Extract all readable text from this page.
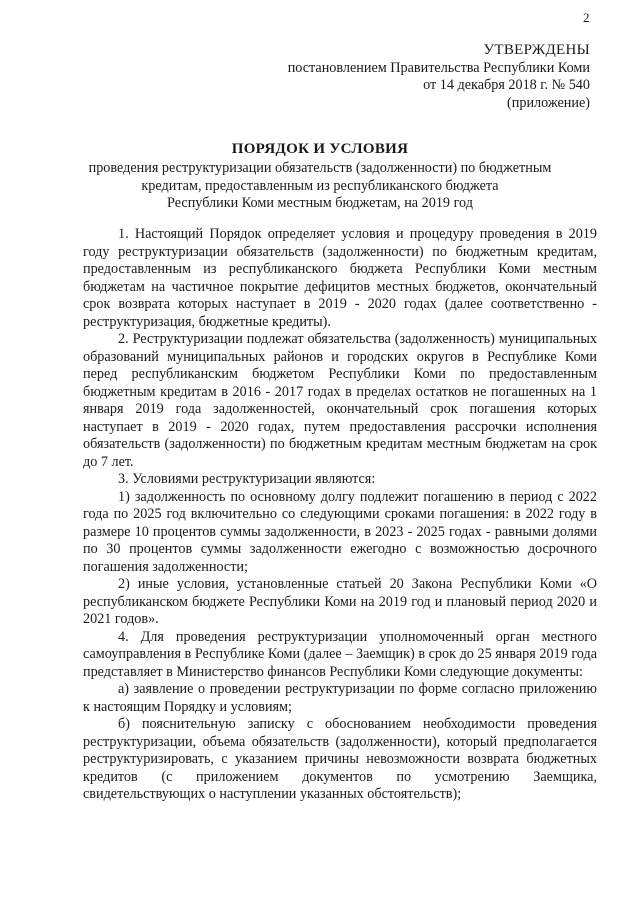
2
УТВЕРЖДЕНЫ
постановлением Правительства Республики Коми
от 14 декабря 2018 г. № 540
(приложение)
ПОРЯДОК И УСЛОВИЯ
проведения реструктуризации обязательств (задолженности) по бюджетным
кредитам, предоставленным из республиканского бюджета
Республики Коми местным бюджетам, на 2019 год

1. Настоящий Порядок определяет условия и процедуру проведения в 2019 году реструктуризации обязательств (задолженности) по бюджетным кредитам, предоставленным из республиканского бюджета Республики Коми местным бюджетам на частичное покрытие дефицитов местных бюджетов, окончательный срок возврата которых наступает в 2019 - 2020 годах (далее соответственно - реструктуризация, бюджетные кредиты).

2. Реструктуризации подлежат обязательства (задолженность) муниципальных образований муниципальных районов и городских округов в Республике Коми перед республиканским бюджетом Республики Коми по предоставленным бюджетным кредитам в 2016 - 2017 годах в пределах остатков не погашенных на 1 января 2019 года задолженностей, окончательный срок погашения которых наступает в 2019 - 2020 годах, путем предоставления рассрочки исполнения обязательств (задолженности) по бюджетным кредитам местным бюджетам на срок до 7 лет.

3. Условиями реструктуризации являются:

1) задолженность по основному долгу подлежит погашению в период с 2022 года по 2025 год включительно со следующими сроками погашения: в 2022 году в размере 10 процентов суммы задолженности, в 2023 - 2025 годах - равными долями по 30 процентов суммы задолженности ежегодно с возможностью досрочного погашения задолженности;

2) иные условия, установленные статьей 20 Закона Республики Коми «О республиканском бюджете Республики Коми на 2019 год и плановый период 2020 и 2021 годов».

4. Для проведения реструктуризации уполномоченный орган местного самоуправления в Республике Коми (далее – Заемщик) в срок до 25 января 2019 года представляет в Министерство финансов Республики Коми следующие документы:

а) заявление о проведении реструктуризации по форме согласно приложению к настоящим Порядку и условиям;

б) пояснительную записку с обоснованием необходимости проведения реструктуризации, объема обязательств (задолженности), который предполагается реструктуризировать, с указанием причины невозможности возврата бюджетных кредитов (с приложением документов по усмотрению Заемщика, свидетельствующих о наступлении указанных обстоятельств);
